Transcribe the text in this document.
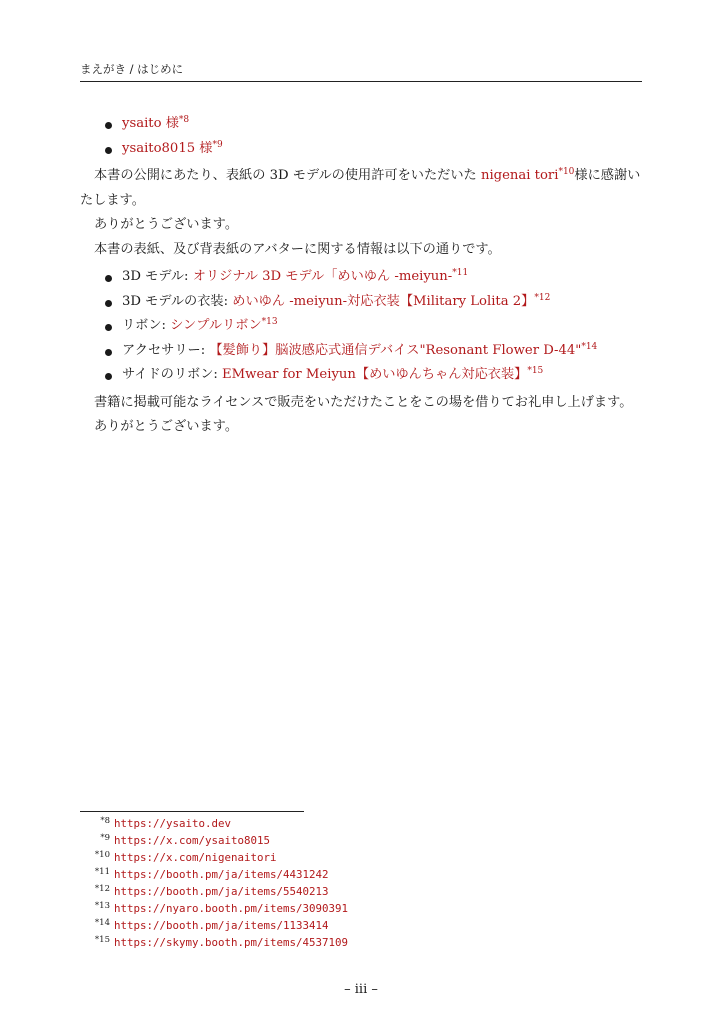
まえがき / はじめに
ysaito 様$^{*8}$
ysaito8015 様$^{*9}$

本書の公開にあたり、表紙の 3D モデルの使用許可をいただいた nigenai tori$^{*10}$様に感謝いたします。

ありがとうございます。

本書の表紙、及び背表紙のアバターに関する情報は以下の通りです。

3D モデル: オリジナル 3D モデル「めいゆん -meiyun-$^{*11}$
3D モデルの衣装: めいゆん -meiyun-対応衣装【Military Lolita 2】$^{*12}$
リボン: シンプルリボン$^{*13}$
アクセサリー: 【髪飾り】脳波感応式通信デバイス"Resonant Flower D-44"$^{*14}$
サイドのリボン: EMwear for Meiyun【めいゆんちゃん対応衣装】$^{*15}$

書籍に掲載可能なライセンスで販売をいただけたことをこの場を借りてお礼申し上げます。

ありがとうございます。

$^{*8}$ https://ysaito.dev
$^{*9}$ https://x.com/ysaito8015
$^{*10}$ https://x.com/nigenaitori
$^{*11}$ https://booth.pm/ja/items/4431242
$^{*12}$ https://booth.pm/ja/items/5540213
$^{*13}$ https://nyaro.booth.pm/items/3090391
$^{*14}$ https://booth.pm/ja/items/1133414
$^{*15}$ https://skymy.booth.pm/items/4537109
– iii –
